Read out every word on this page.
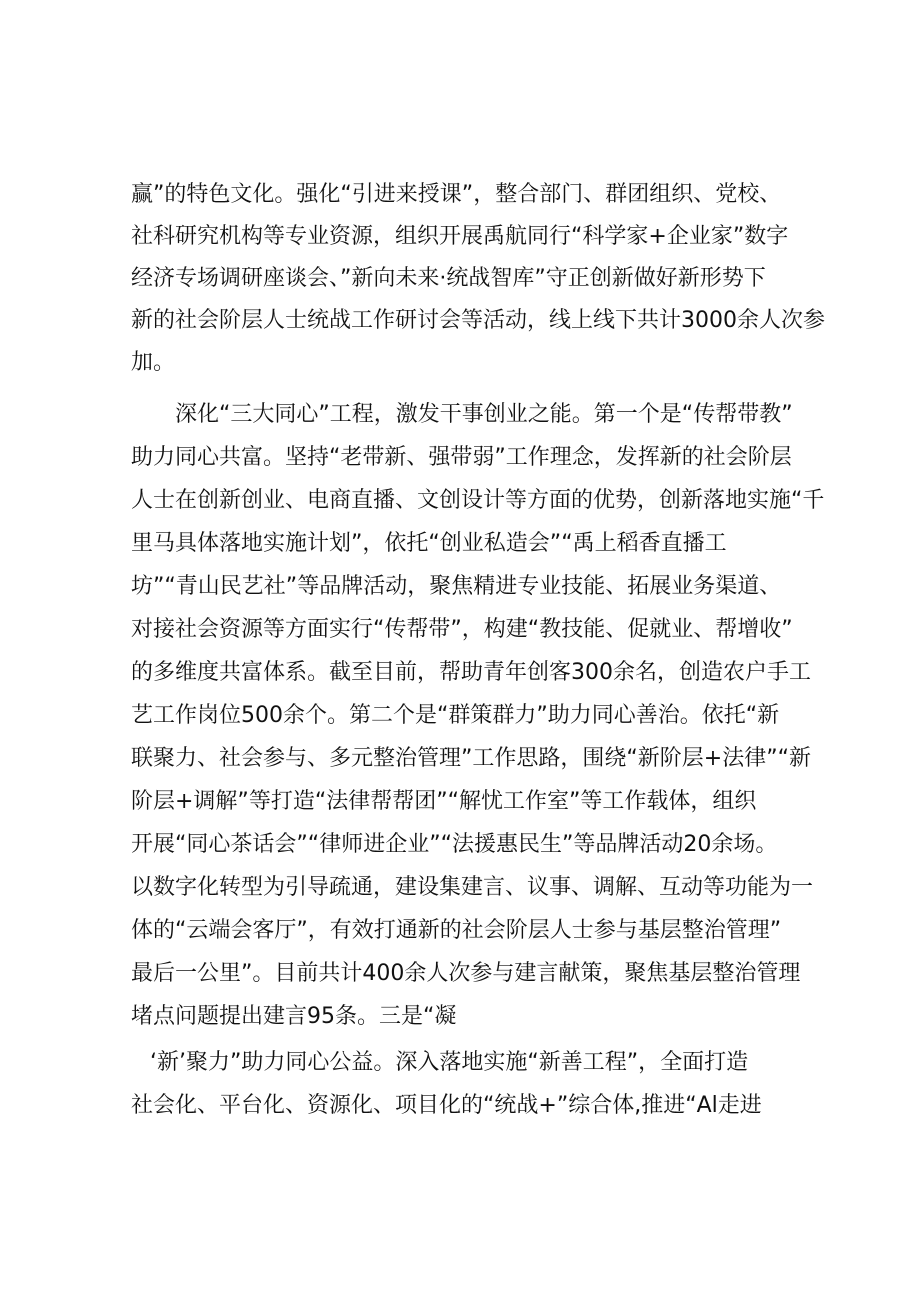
赢”的特色文化。强化“引进来授课”，整合部门、群团组织、党校、
社科研究机构等专业资源，组织开展禹航同行“科学家+企业家”数字
经济专场调研座谈会、”新向未来·统战智库”守正创新做好新形势下
新的社会阶层人士统战工作研讨会等活动，线上线下共计3000余人次参
加。
深化“三大同心”工程，激发干事创业之能。第一个是“传帮带教”
助力同心共富。坚持“老带新、强带弱”工作理念，发挥新的社会阶层
人士在创新创业、电商直播、文创设计等方面的优势，创新落地实施“千
里马具体落地实施计划”，依托“创业私造会”“禹上稻香直播工
坊”“青山民艺社”等品牌活动，聚焦精进专业技能、拓展业务渠道、
对接社会资源等方面实行“传帮带”，构建“教技能、促就业、帮增收”
的多维度共富体系。截至目前，帮助青年创客300余名，创造农户手工
艺工作岗位500余个。第二个是“群策群力”助力同心善治。依托“新
联聚力、社会参与、多元整治管理”工作思路，围绕“新阶层+法律”“新
阶层+调解”等打造“法律帮帮团”“解忧工作室”等工作载体，组织
开展“同心茶话会”“律师进企业”“法援惠民生”等品牌活动20余场。
以数字化转型为引导疏通，建设集建言、议事、调解、互动等功能为一
体的“云端会客厅”，有效打通新的社会阶层人士参与基层整治管理”
最后一公里”。目前共计400余人次参与建言献策，聚焦基层整治管理
堵点问题提出建言95条。三是“凝
‘新’聚力”助力同心公益。深入落地实施“新善工程”，全面打造
社会化、平台化、资源化、项目化的“统战+”综合体,推进“Al走进
